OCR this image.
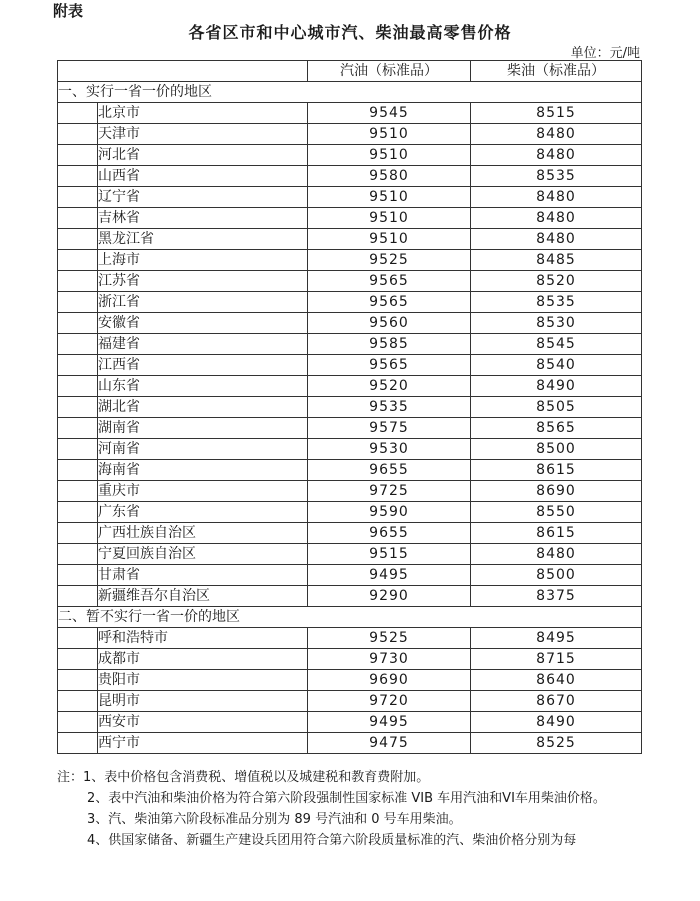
附表
各省区市和中心城市汽、柴油最高零售价格
单位：元/吨
		汽油（标准品）	柴油（标准品）
一、实行一省一价的地区			
	北京市	9545	8515
	天津市	9510	8480
	河北省	9510	8480
	山西省	9580	8535
	辽宁省	9510	8480
	吉林省	9510	8480
	黑龙江省	9510	8480
	上海市	9525	8485
	江苏省	9565	8520
	浙江省	9565	8535
	安徽省	9560	8530
	福建省	9585	8545
	江西省	9565	8540
	山东省	9520	8490
	湖北省	9535	8505
	湖南省	9575	8565
	河南省	9530	8500
	海南省	9655	8615
	重庆市	9725	8690
	广东省	9590	8550
	广西壮族自治区	9655	8615
	宁夏回族自治区	9515	8480
	甘肃省	9495	8500
	新疆维吾尔自治区	9290	8375
二、暂不实行一省一价的地区			
	呼和浩特市	9525	8495
	成都市	9730	8715
	贵阳市	9690	8640
	昆明市	9720	8670
	西安市	9495	8490
	西宁市	9475	8525

注：1、表中价格包含消费税、增值税以及城建税和教育费附加。

2、表中汽油和柴油价格为符合第六阶段强制性国家标准 VIB 车用汽油和VI车用柴油价格。

3、汽、柴油第六阶段标准品分别为 89 号汽油和 0 号车用柴油。

4、供国家储备、新疆生产建设兵团用符合第六阶段质量标准的汽、柴油价格分别为每
